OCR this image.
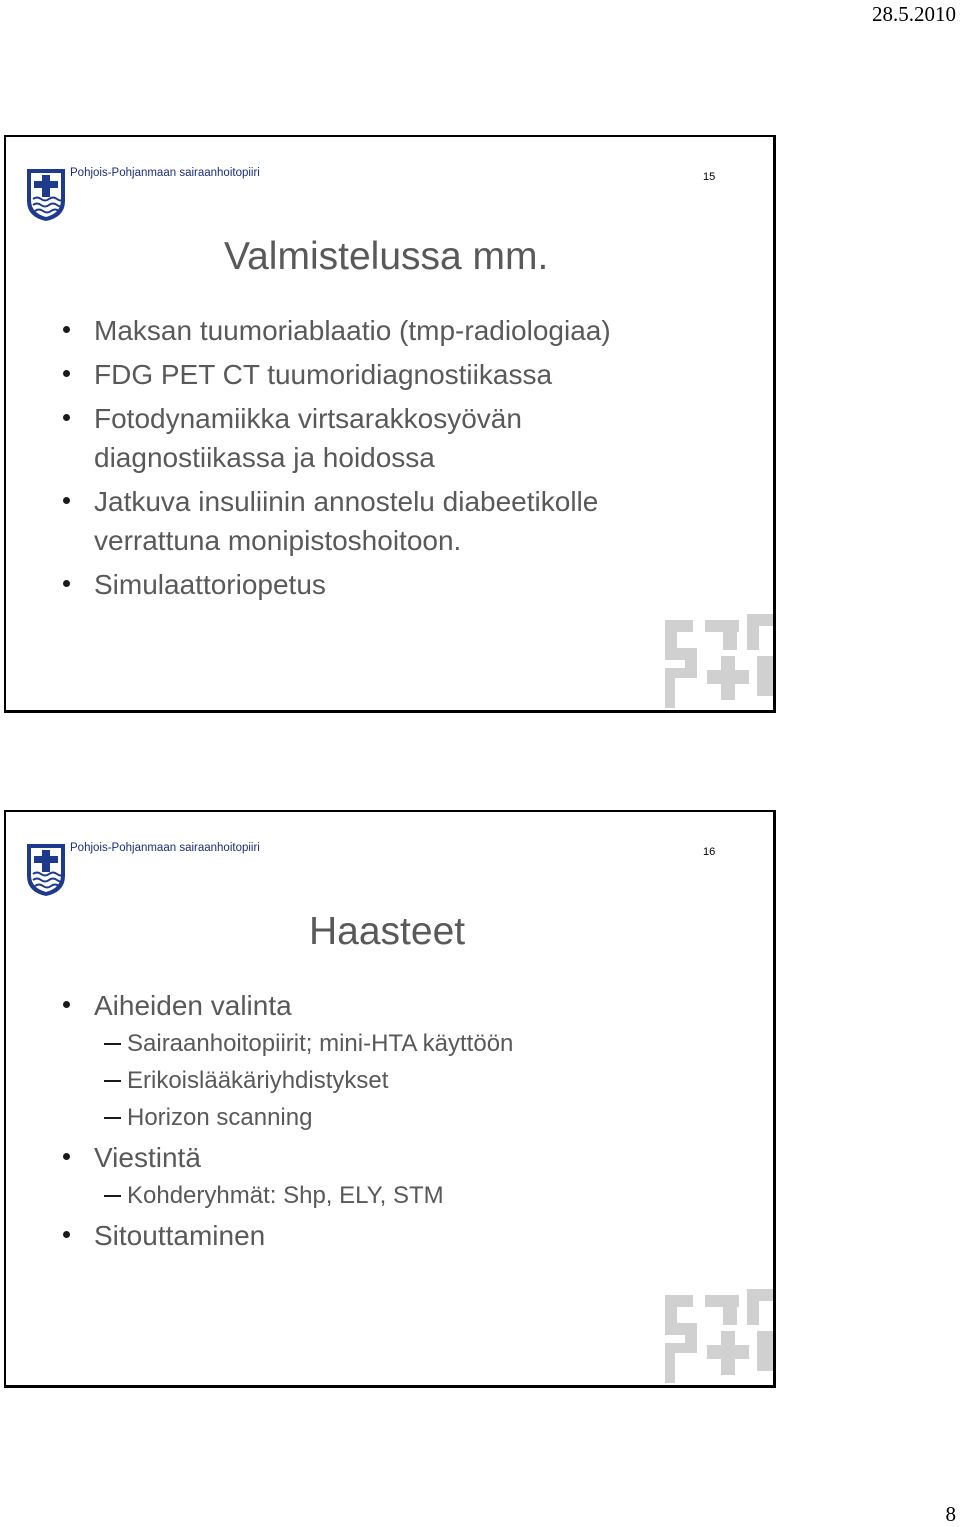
28.5.2010
Pohjois-Pohjanmaan sairaanhoitopiiri	15
Valmistelussa mm.
Maksan tuumoriablaatio (tmp-radiologiaa)
FDG PET CT tuumoridiagnostiikassa
Fotodynamiikka virtsarakkosyövän
diagnostiikassa ja hoidossa
Jatkuva insuliinin annostelu diabeetikolle
verrattuna monipistoshoitoon.
Simulaattoriopetus
Pohjois-Pohjanmaan sairaanhoitopiiri	16
Haasteet
Aiheiden valinta
Sairaanhoitopiirit; mini-HTA käyttöön
Erikoislääkäriyhdistykset
Horizon scanning
Viestintä
Kohderyhmät: Shp, ELY, STM
Sitouttaminen
8
